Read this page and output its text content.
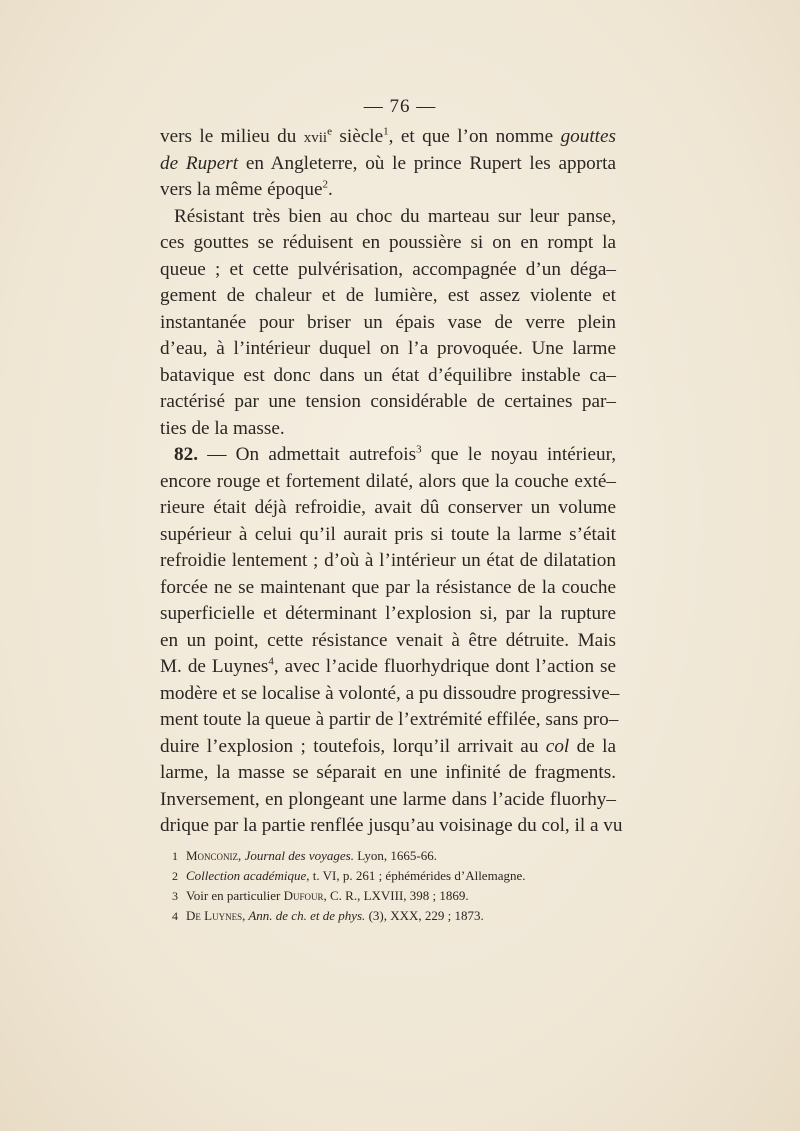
— 76 —
vers le milieu du xvii$^e$ siècle$^1$, et que l’on nomme gouttes
de Rupert en Angleterre, où le prince Rupert les apporta
vers la même époque$^2$.
Résistant très bien au choc du marteau sur leur panse,
ces gouttes se réduisent en poussière si on en rompt la
queue ; et cette pulvérisation, accompagnée d’un déga–
gement de chaleur et de lumière, est assez violente et
instantanée pour briser un épais vase de verre plein
d’eau, à l’intérieur duquel on l’a provoquée. Une larme
batavique est donc dans un état d’équilibre instable ca–
ractérisé par une tension considérable de certaines par–
ties de la masse.
82. — On admettait autrefois$^3$ que le noyau intérieur,
encore rouge et fortement dilaté, alors que la couche exté–
rieure était déjà refroidie, avait dû conserver un volume
supérieur à celui qu’il aurait pris si toute la larme s’était
refroidie lentement ; d’où à l’intérieur un état de dilatation
forcée ne se maintenant que par la résistance de la couche
superficielle et déterminant l’explosion si, par la rupture
en un point, cette résistance venait à être détruite. Mais
M. de Luynes$^4$, avec l’acide fluorhydrique dont l’action se
modère et se localise à volonté, a pu dissoudre progressive–
ment toute la queue à partir de l’extrémité effilée, sans pro–
duire l’explosion ; toutefois, lorqu’il arrivait au col de la
larme, la masse se séparait en une infinité de fragments.
Inversement, en plongeant une larme dans l’acide fluorhy–
drique par la partie renflée jusqu’au voisinage du col, il a vu
1 Monconiz, Journal des voyages. Lyon, 1665-66.
2 Collection académique, t. VI, p. 261 ; éphémérides d’Allemagne.
3 Voir en particulier Dufour, C. R., LXVIII, 398 ; 1869.
4 De Luynes, Ann. de ch. et de phys. (3), XXX, 229 ; 1873.
